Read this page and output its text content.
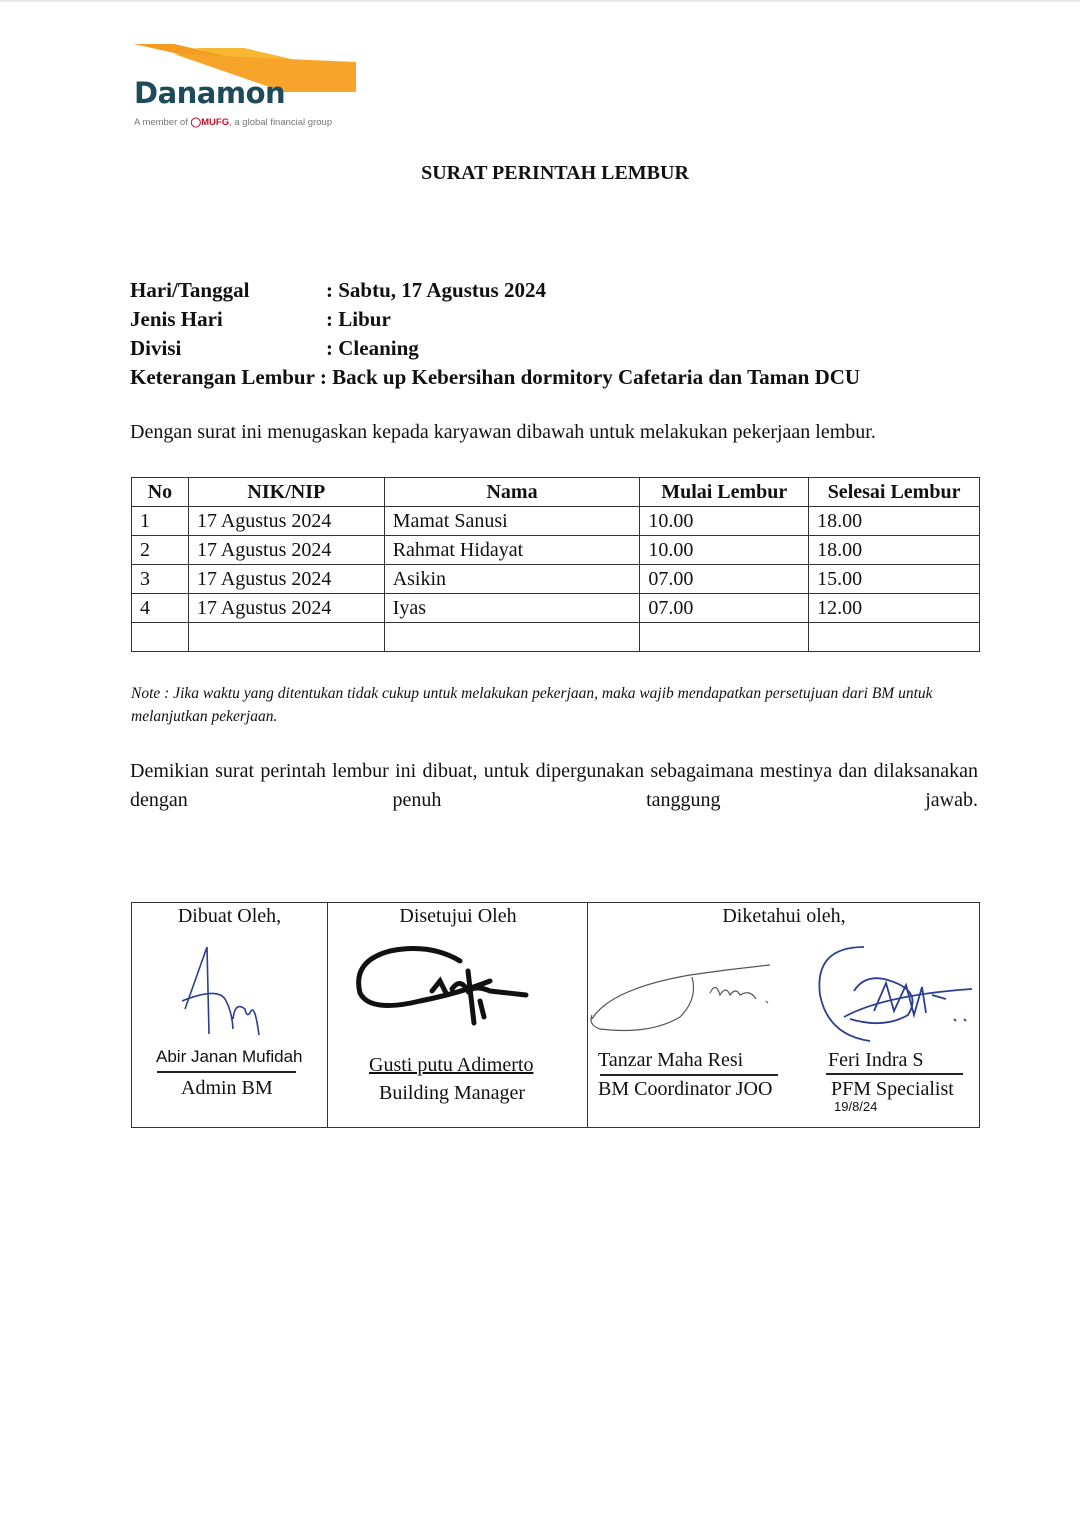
Danamon
A member of ◯MUFG, a global financial group
SURAT PERINTAH LEMBUR
Hari/Tanggal	: Sabtu, 17 Agustus 2024
Jenis Hari	: Libur
Divisi	: Cleaning
Keterangan Lembur : Back up Kebersihan dormitory Cafetaria dan Taman DCU
Dengan surat ini menugaskan kepada karyawan dibawah untuk melakukan pekerjaan lembur.
No	NIK/NIP	Nama	Mulai Lembur	Selesai Lembur
1	17 Agustus 2024	Mamat Sanusi	10.00	18.00
2	17 Agustus 2024	Rahmat Hidayat	10.00	18.00
3	17 Agustus 2024	Asikin	07.00	15.00
4	17 Agustus 2024	Iyas	07.00	12.00

Note : Jika waktu yang ditentukan tidak cukup untuk melakukan pekerjaan, maka wajib mendapatkan persetujuan dari BM untuk melanjutkan pekerjaan.
Demikian surat perintah lembur ini dibuat, untuk dipergunakan sebagaimana mestinya dan dilaksanakan dengan penuh tanggung jawab.
Dibuat Oleh,
Abir Janan Mufidah
Admin BM
Disetujui Oleh
Gusti putu Adimerto
Building Manager
Diketahui oleh,
Tanzar Maha Resi
BM Coordinator JOO
Feri Indra S
PFM Specialist
19/8/24
